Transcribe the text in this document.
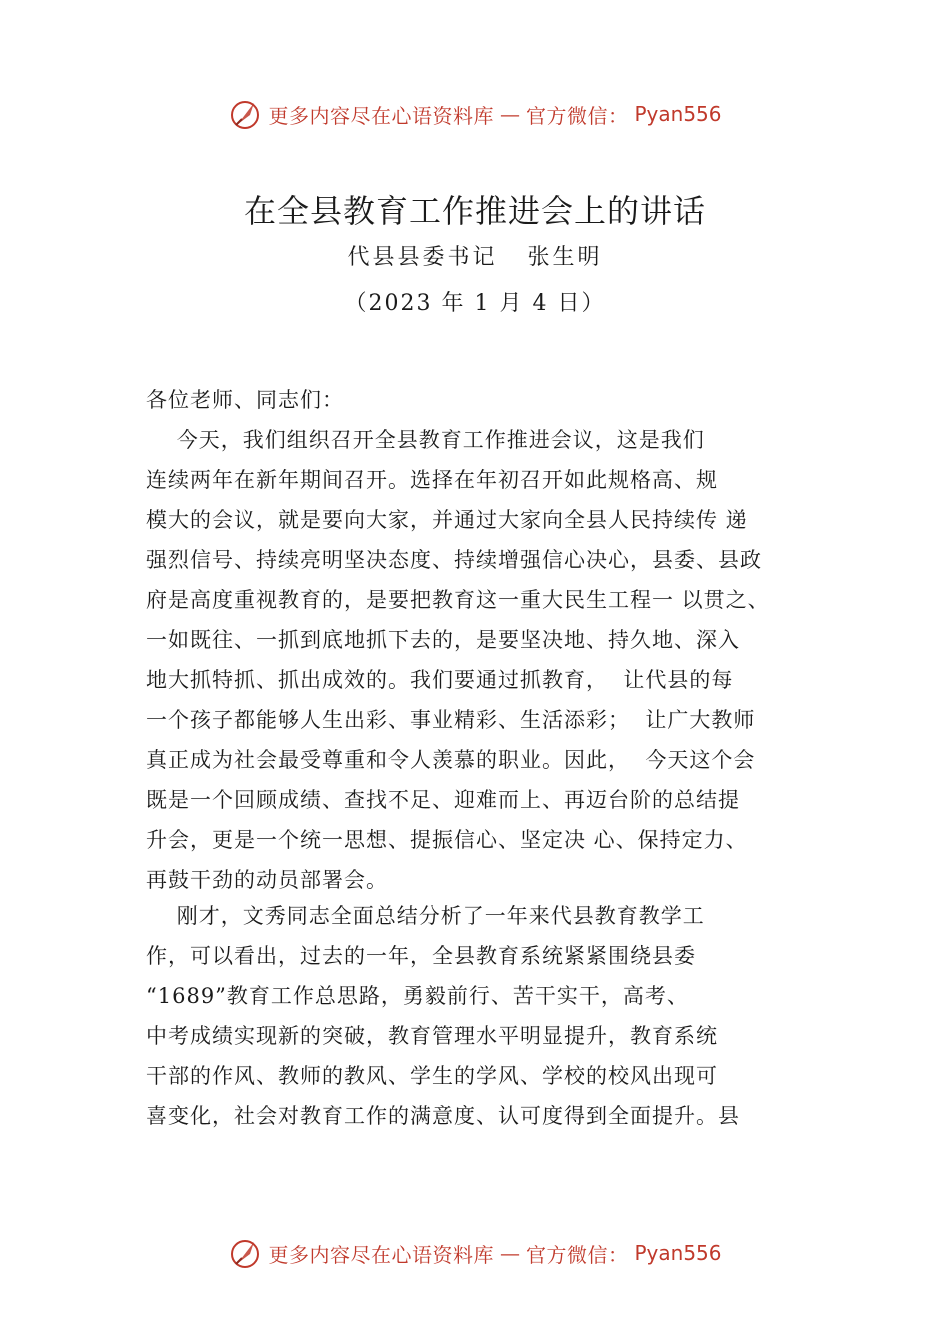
更多内容尽在心语资料库 — 官方微信： Pyan556
在全县教育工作推进会上的讲话
代县县委书记   张生明
（2023 年 1 月 4 日）
各位老师、同志们：
今天，我们组织召开全县教育工作推进会议，这是我们
连续两年在新年期间召开。选择在年初召开如此规格高、规
模大的会议，就是要向大家，并通过大家向全县人民持续传 递
强烈信号、持续亮明坚决态度、持续增强信心决心，县委、县政
府是高度重视教育的，是要把教育这一重大民生工程一 以贯之、
一如既往、一抓到底地抓下去的，是要坚决地、持久地、深入
地大抓特抓、抓出成效的。我们要通过抓教育，  让代县的每
一个孩子都能够人生出彩、事业精彩、生活添彩；  让广大教师
真正成为社会最受尊重和令人羡慕的职业。因此，  今天这个会
既是一个回顾成绩、查找不足、迎难而上、再迈台阶的总结提
升会，更是一个统一思想、提振信心、坚定决 心、保持定力、
再鼓干劲的动员部署会。
刚才，文秀同志全面总结分析了一年来代县教育教学工
作，可以看出，过去的一年，全县教育系统紧紧围绕县委
“1689”教育工作总思路，勇毅前行、苦干实干，高考、
中考成绩实现新的突破，教育管理水平明显提升，教育系统
干部的作风、教师的教风、学生的学风、学校的校风出现可
喜变化，社会对教育工作的满意度、认可度得到全面提升。县
更多内容尽在心语资料库 — 官方微信： Pyan556
